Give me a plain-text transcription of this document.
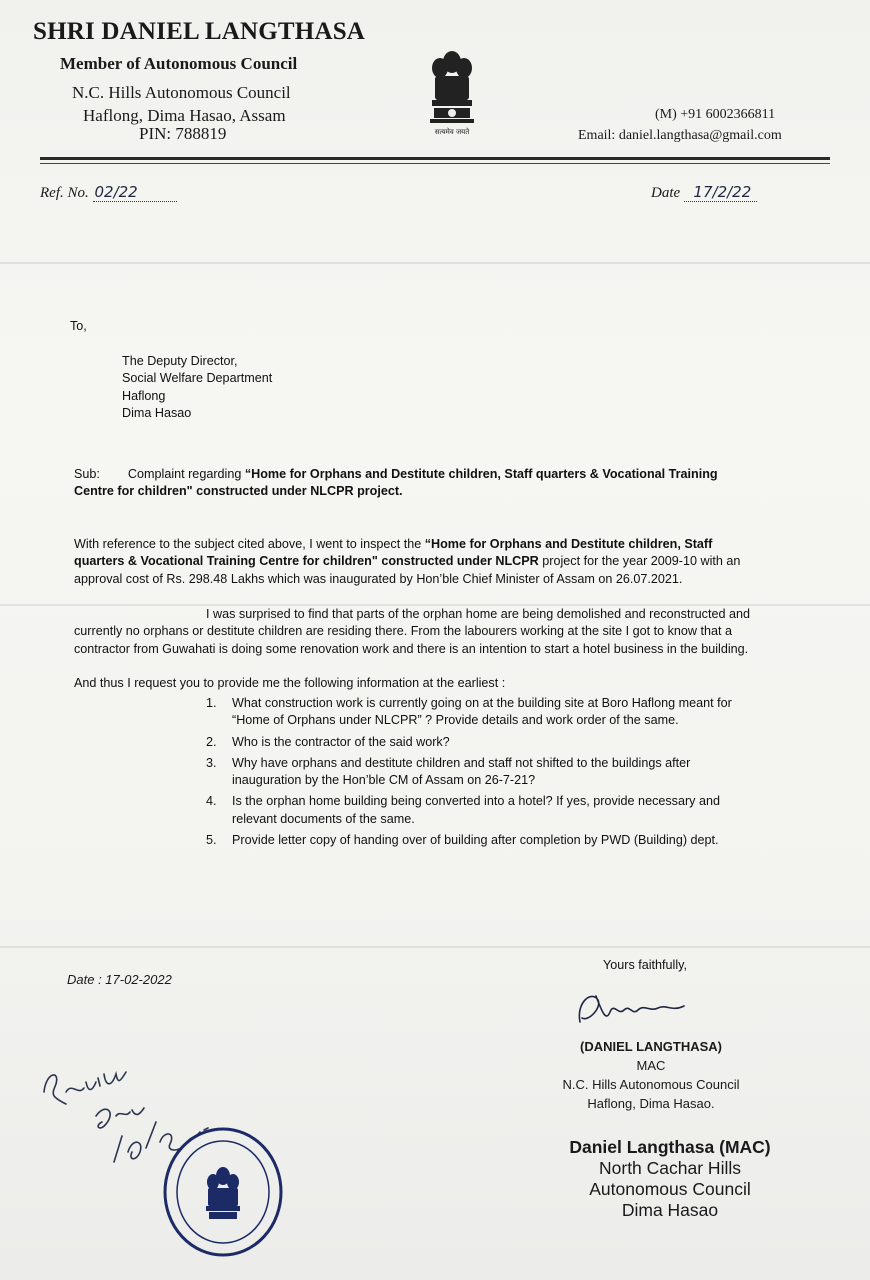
SHRI DANIEL LANGTHASA
Member of Autonomous Council
N.C. Hills Autonomous Council
Haflong, Dima Hasao, Assam
PIN: 788819	सत्यमेव जयते
(M) +91 6002366811
Email: daniel.langthasa@gmail.com
Ref. No. 02/22	Date 17/2/22
To,
The Deputy Director,
Social Welfare Department
Haflong
Dima Hasao
Sub: Complaint regarding “Home for Orphans and Destitute children, Staff quarters & Vocational Training Centre for children" constructed under NLCPR project.
With reference to the subject cited above, I went to inspect the “Home for Orphans and Destitute children, Staff quarters & Vocational Training Centre for children" constructed under NLCPR project for the year 2009-10 with an approval cost of Rs. 298.48 Lakhs which was inaugurated by Hon’ble Chief Minister of Assam on 26.07.2021.
I was surprised to find that parts of the orphan home are being demolished and reconstructed and currently no orphans or destitute children are residing there. From the labourers working at the site I got to know that a contractor from Guwahati is doing some renovation work and there is an intention to start a hotel business in the building.
And thus I request you to provide me the following information at the earliest :
1. What construction work is currently going on at the building site at Boro Haflong meant for “Home of Orphans under NLCPR” ? Provide details and work order of the same.
2. Who is the contractor of the said work?
3. Why have orphans and destitute children and staff not shifted to the buildings after inauguration by the Hon’ble CM of Assam on 26-7-21?
4. Is the orphan home building being converted into a hotel? If yes, provide necessary and relevant documents of the same.
5. Provide letter copy of handing over of building after completion by PWD (Building) dept.
Date : 17-02-2022
Yours faithfully,
(DANIEL LANGTHASA)
MAC
N.C. Hills Autonomous Council
Haflong, Dima Hasao.
Daniel Langthasa (MAC)
North Cachar Hills
Autonomous Council
Dima Hasao
